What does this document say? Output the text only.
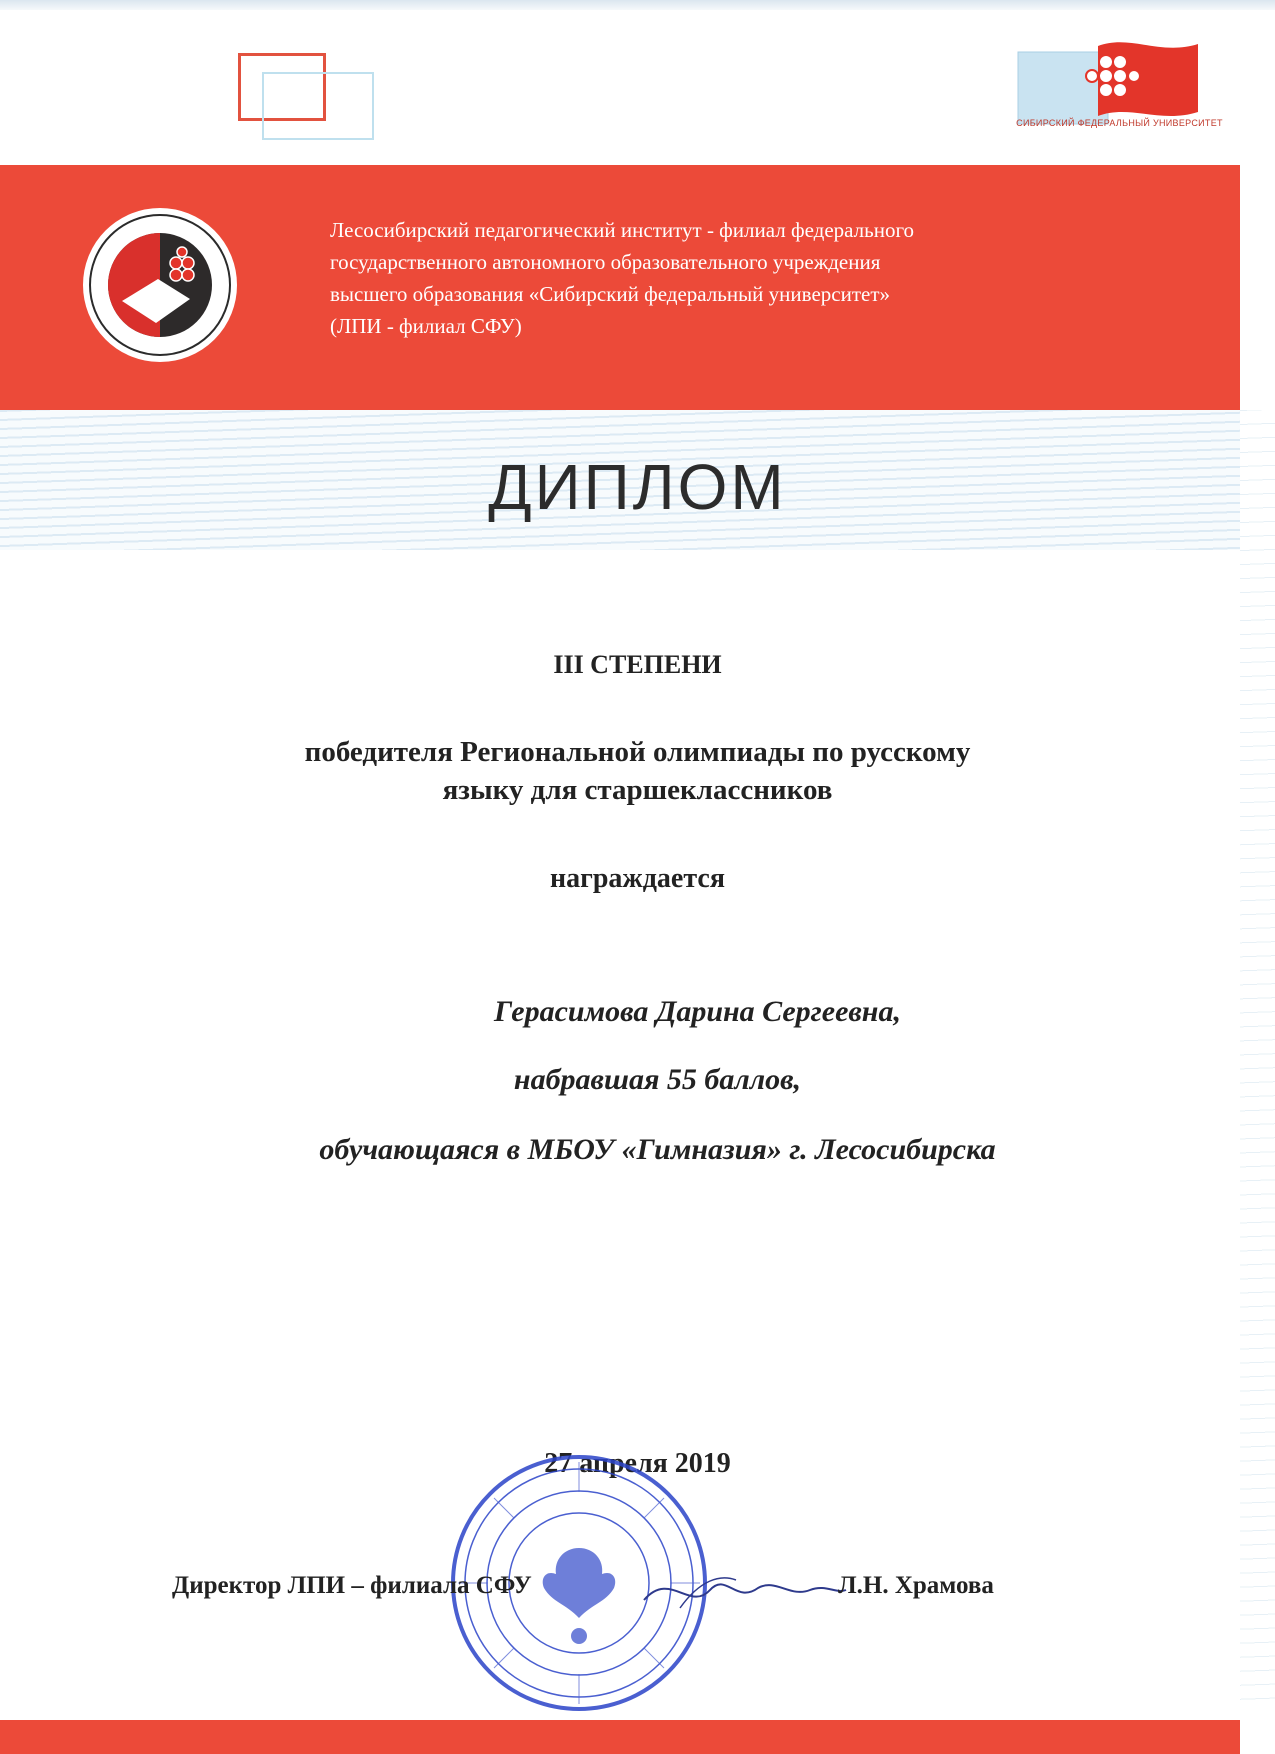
СИБИРСКИЙ ФЕДЕРАЛЬНЫЙ УНИВЕРСИТЕТ
Лесосибирский педагогический институт - филиал федерального
государственного автономного образовательного учреждения
высшего образования «Сибирский федеральный университет»
(ЛПИ - филиал СФУ)
ДИПЛОМ
III СТЕПЕНИ
победителя Региональной олимпиады по русскому
языку для старшеклассников
награждается
Герасимова Дарина Сергеевна,
набравшая 55 баллов,
обучающаяся в МБОУ «Гимназия» г. Лесосибирска
27 апреля 2019
Директор ЛПИ – филиала СФУ	Л.Н. Храмова
